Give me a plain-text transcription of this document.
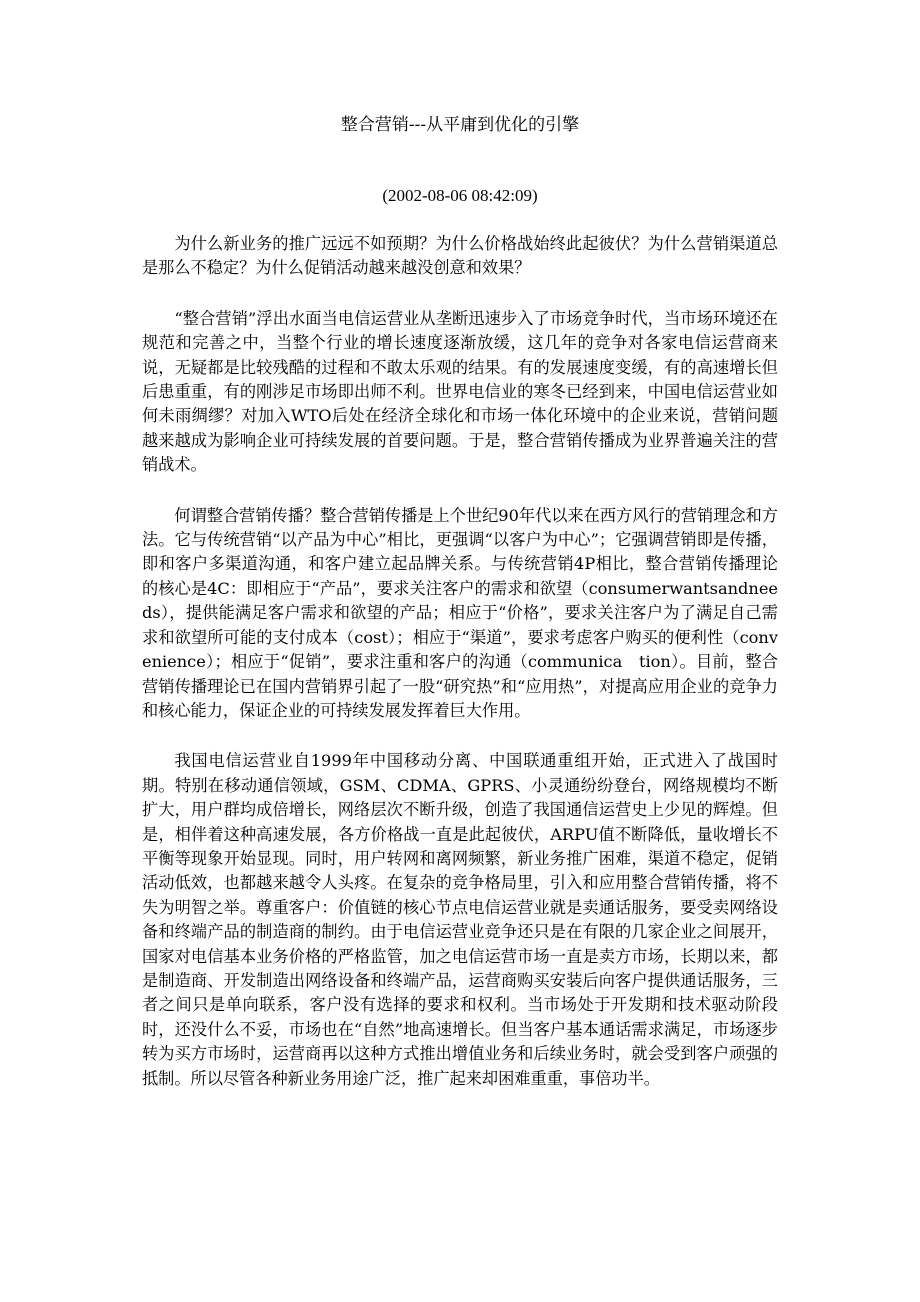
整合营销---从平庸到优化的引擎
(2002-08-06 08:42:09)

为什么新业务的推广远远不如预期？为什么价格战始终此起彼伏？为什么营销渠道总是那么不稳定？为什么促销活动越来越没创意和效果？

“整合营销”浮出水面当电信运营业从垄断迅速步入了市场竞争时代，当市场环境还在规范和完善之中，当整个行业的增长速度逐渐放缓，这几年的竞争对各家电信运营商来说，无疑都是比较残酷的过程和不敢太乐观的结果。有的发展速度变缓，有的高速增长但后患重重，有的刚涉足市场即出师不利。世界电信业的寒冬已经到来，中国电信运营业如何未雨绸缪？对加入WTO后处在经济全球化和市场一体化环境中的企业来说，营销问题越来越成为影响企业可持续发展的首要问题。于是，整合营销传播成为业界普遍关注的营销战术。

何谓整合营销传播？整合营销传播是上个世纪90年代以来在西方风行的营销理念和方法。它与传统营销“以产品为中心”相比，更强调“以客户为中心”；它强调营销即是传播，即和客户多渠道沟通，和客户建立起品牌关系。与传统营销4P相比，整合营销传播理论的核心是4C：即相应于“产品”，要求关注客户的需求和欲望（consumerwantsandneeds），提供能满足客户需求和欲望的产品；相应于“价格”，要求关注客户为了满足自己需求和欲望所可能的支付成本（cost）；相应于“渠道”，要求考虑客户购买的便利性（convenience）；相应于“促销”，要求注重和客户的沟通（communica　tion）。目前，整合营销传播理论已在国内营销界引起了一股“研究热”和“应用热”，对提高应用企业的竞争力和核心能力，保证企业的可持续发展发挥着巨大作用。

我国电信运营业自1999年中国移动分离、中国联通重组开始，正式进入了战国时期。特别在移动通信领域，GSM、CDMA、GPRS、小灵通纷纷登台，网络规模均不断扩大，用户群均成倍增长，网络层次不断升级，创造了我国通信运营史上少见的辉煌。但是，相伴着这种高速发展，各方价格战一直是此起彼伏，ARPU值不断降低，量收增长不平衡等现象开始显现。同时，用户转网和离网频繁，新业务推广困难，渠道不稳定，促销活动低效，也都越来越令人头疼。在复杂的竞争格局里，引入和应用整合营销传播，将不失为明智之举。尊重客户：价值链的核心节点电信运营业就是卖通话服务，要受卖网络设备和终端产品的制造商的制约。由于电信运营业竞争还只是在有限的几家企业之间展开，国家对电信基本业务价格的严格监管，加之电信运营市场一直是卖方市场，长期以来，都是制造商、开发制造出网络设备和终端产品，运营商购买安装后向客户提供通话服务，三者之间只是单向联系，客户没有选择的要求和权利。当市场处于开发期和技术驱动阶段时，还没什么不妥，市场也在“自然”地高速增长。但当客户基本通话需求满足，市场逐步转为买方市场时，运营商再以这种方式推出增值业务和后续业务时，就会受到客户顽强的抵制。所以尽管各种新业务用途广泛，推广起来却困难重重，事倍功半。
